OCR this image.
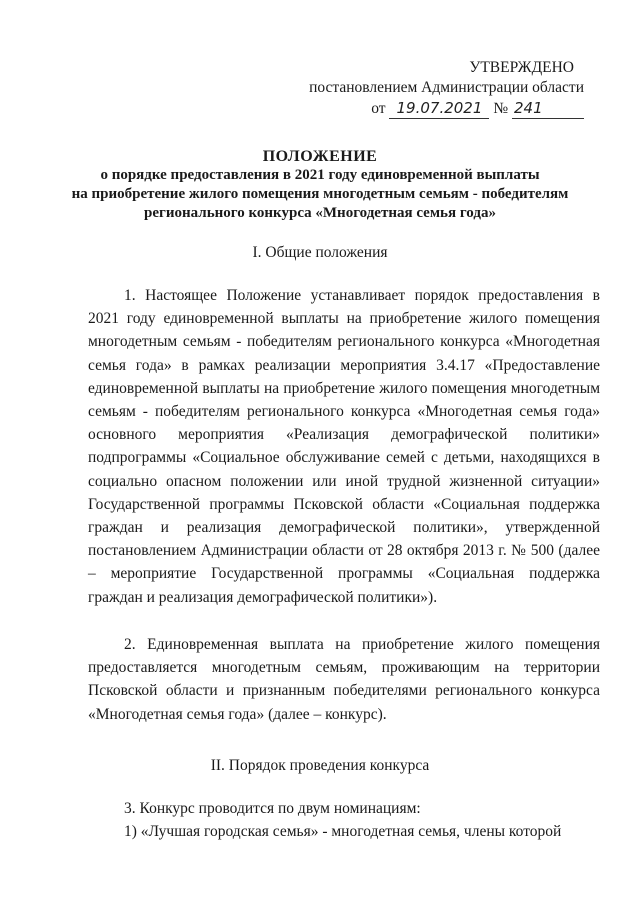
УТВЕРЖДЕНО
постановлением Администрации области
от 19.07.2021 № 241
ПОЛОЖЕНИЕ
о порядке предоставления в 2021 году единовременной выплаты
на приобретение жилого помещения многодетным семьям - победителям
регионального конкурса «Многодетная семья года»
I. Общие положения
1. Настоящее Положение устанавливает порядок предоставления в 2021 году единовременной выплаты на приобретение жилого помещения многодетным семьям - победителям регионального конкурса «Многодетная семья года» в рамках реализации мероприятия 3.4.17 «Предоставление единовременной выплаты на приобретение жилого помещения многодетным семьям - победителям регионального конкурса «Многодетная семья года» основного мероприятия «Реализация демографической политики» подпрограммы «Социальное обслуживание семей с детьми, находящихся в социально опасном положении или иной трудной жизненной ситуации» Государственной программы Псковской области «Социальная поддержка граждан и реализация демографической политики», утвержденной постановлением Администрации области от 28 октября 2013 г. № 500 (далее – мероприятие Государственной программы «Социальная поддержка граждан и реализация демографической политики»).
2. Единовременная выплата на приобретение жилого помещения предоставляется многодетным семьям, проживающим на территории Псковской области и признанным победителями регионального конкурса «Многодетная семья года» (далее – конкурс).
II. Порядок проведения конкурса
3. Конкурс проводится по двум номинациям:
1) «Лучшая городская семья» - многодетная семья, члены которой
